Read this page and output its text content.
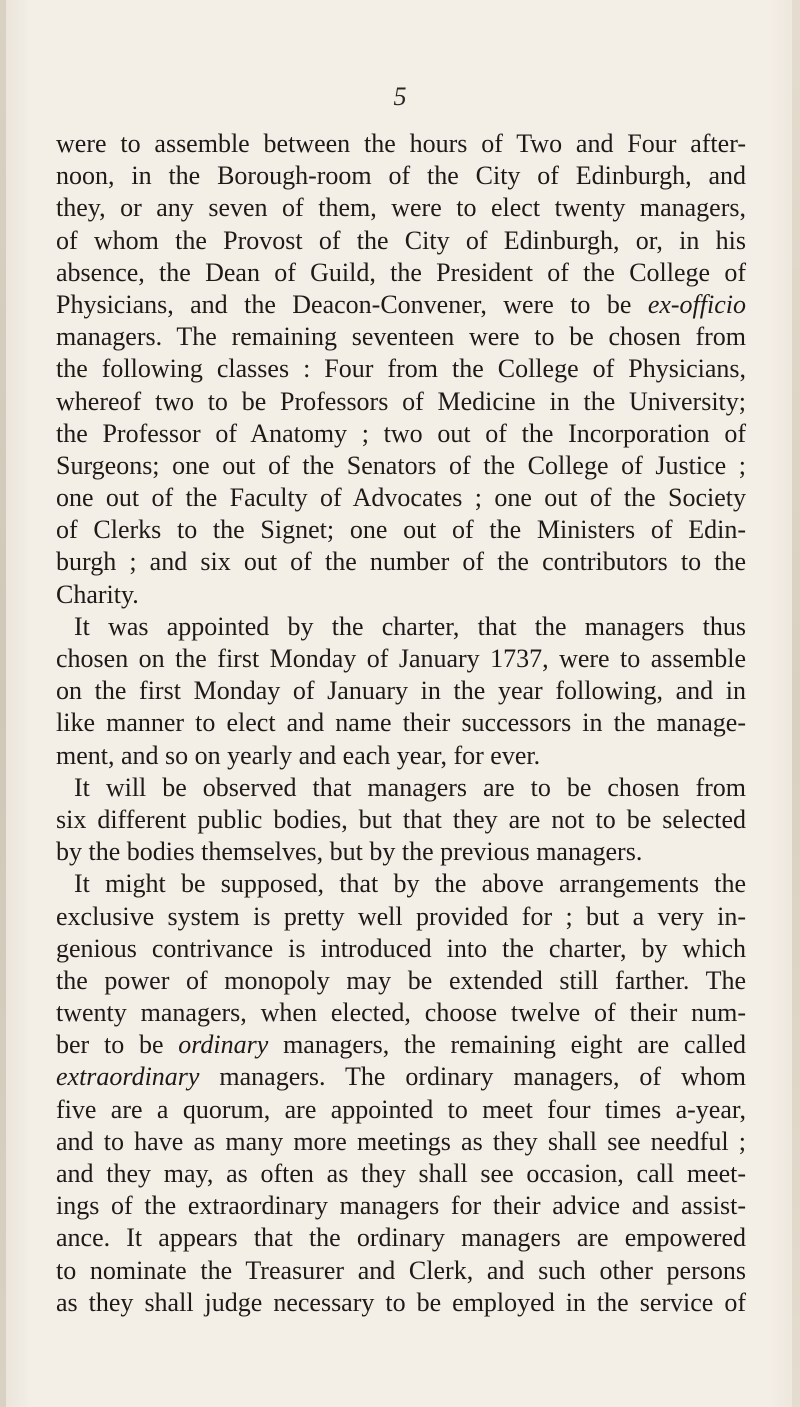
5
were to assemble between the hours of Two and Four after-
noon, in the Borough-room of the City of Edinburgh, and
they, or any seven of them, were to elect twenty managers,
of whom the Provost of the City of Edinburgh, or, in his
absence, the Dean of Guild, the President of the College of
Physicians, and the Deacon-Convener, were to be ex-officio
managers. The remaining seventeen were to be chosen from
the following classes : Four from the College of Physicians,
whereof two to be Professors of Medicine in the University;
the Professor of Anatomy ; two out of the Incorporation of
Surgeons; one out of the Senators of the College of Justice ;
one out of the Faculty of Advocates ; one out of the Society
of Clerks to the Signet; one out of the Ministers of Edin-
burgh ; and six out of the number of the contributors to the
Charity.
It was appointed by the charter, that the managers thus
chosen on the first Monday of January 1737, were to assemble
on the first Monday of January in the year following, and in
like manner to elect and name their successors in the manage-
ment, and so on yearly and each year, for ever.
It will be observed that managers are to be chosen from
six different public bodies, but that they are not to be selected
by the bodies themselves, but by the previous managers.
It might be supposed, that by the above arrangements the
exclusive system is pretty well provided for ; but a very in-
genious contrivance is introduced into the charter, by which
the power of monopoly may be extended still farther. The
twenty managers, when elected, choose twelve of their num-
ber to be ordinary managers, the remaining eight are called
extraordinary managers. The ordinary managers, of whom
five are a quorum, are appointed to meet four times a-year,
and to have as many more meetings as they shall see needful ;
and they may, as often as they shall see occasion, call meet-
ings of the extraordinary managers for their advice and assist-
ance. It appears that the ordinary managers are empowered
to nominate the Treasurer and Clerk, and such other persons
as they shall judge necessary to be employed in the service of
